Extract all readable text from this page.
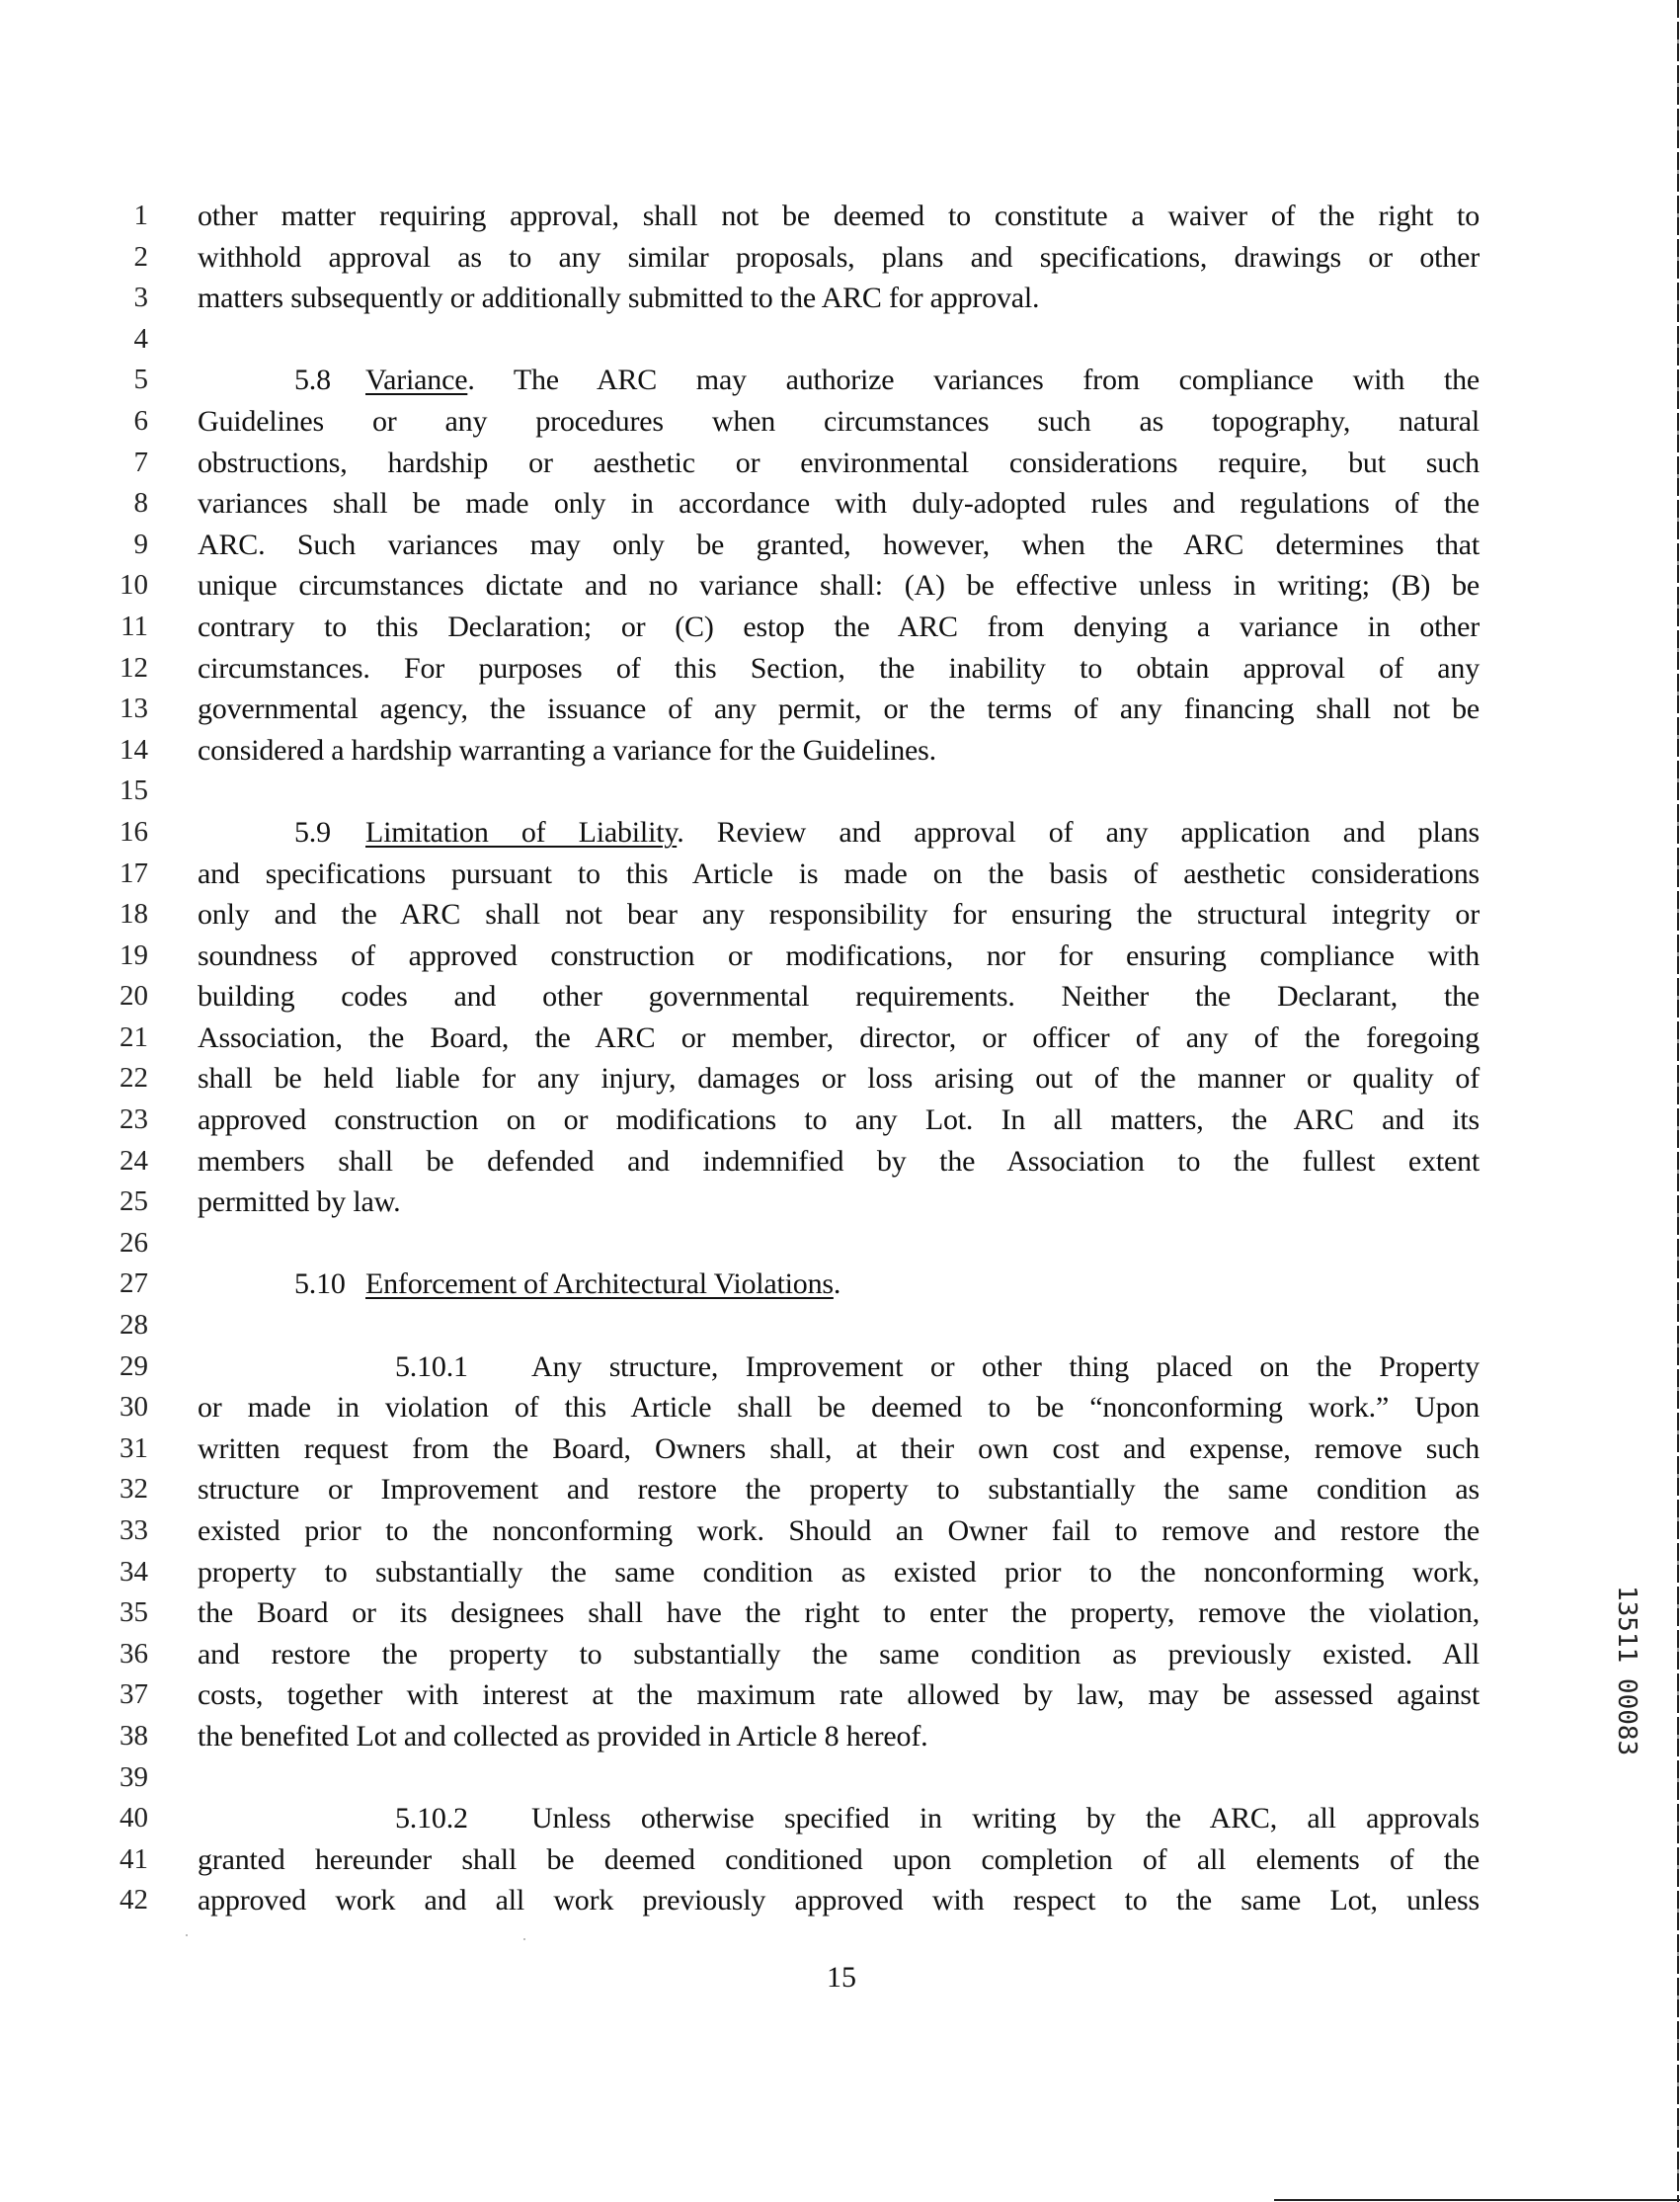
1 other matter requiring approval, shall not be deemed to constitute a waiver of the right to
2 withhold approval as to any similar proposals, plans and specifications, drawings or other
3 matters subsequently or additionally submitted to the ARC for approval.
4
5	5.8 Variance. The ARC may authorize variances from compliance with the
6 Guidelines or any procedures when circumstances such as topography, natural
7 obstructions, hardship or aesthetic or environmental considerations require, but such
8 variances shall be made only in accordance with duly-adopted rules and regulations of the
9 ARC. Such variances may only be granted, however, when the ARC determines that
10 unique circumstances dictate and no variance shall: (A) be effective unless in writing; (B) be
11 contrary to this Declaration; or (C) estop the ARC from denying a variance in other
12 circumstances. For purposes of this Section, the inability to obtain approval of any
13 governmental agency, the issuance of any permit, or the terms of any financing shall not be
14 considered a hardship warranting a variance for the Guidelines.
15
16	5.9 Limitation of Liability. Review and approval of any application and plans
17 and specifications pursuant to this Article is made on the basis of aesthetic considerations
18 only and the ARC shall not bear any responsibility for ensuring the structural integrity or
19 soundness of approved construction or modifications, nor for ensuring compliance with
20 building codes and other governmental requirements. Neither the Declarant, the
21 Association, the Board, the ARC or member, director, or officer of any of the foregoing
22 shall be held liable for any injury, damages or loss arising out of the manner or quality of
23 approved construction on or modifications to any Lot. In all matters, the ARC and its
24 members shall be defended and indemnified by the Association to the fullest extent
25 permitted by law.
26
27	5.10 Enforcement of Architectural Violations.
28
29	5.10.1 Any structure, Improvement or other thing placed on the Property
30 or made in violation of this Article shall be deemed to be “nonconforming work.” Upon
31 written request from the Board, Owners shall, at their own cost and expense, remove such
32 structure or Improvement and restore the property to substantially the same condition as
33 existed prior to the nonconforming work. Should an Owner fail to remove and restore the
34 property to substantially the same condition as existed prior to the nonconforming work,
35 the Board or its designees shall have the right to enter the property, remove the violation,
36 and restore the property to substantially the same condition as previously existed. All
37 costs, together with interest at the maximum rate allowed by law, may be assessed against
38 the benefited Lot and collected as provided in Article 8 hereof.
39
40	5.10.2 Unless otherwise specified in writing by the ARC, all approvals
41 granted hereunder shall be deemed conditioned upon completion of all elements of the
42 approved work and all work previously approved with respect to the same Lot, unless
15
13511 00083
